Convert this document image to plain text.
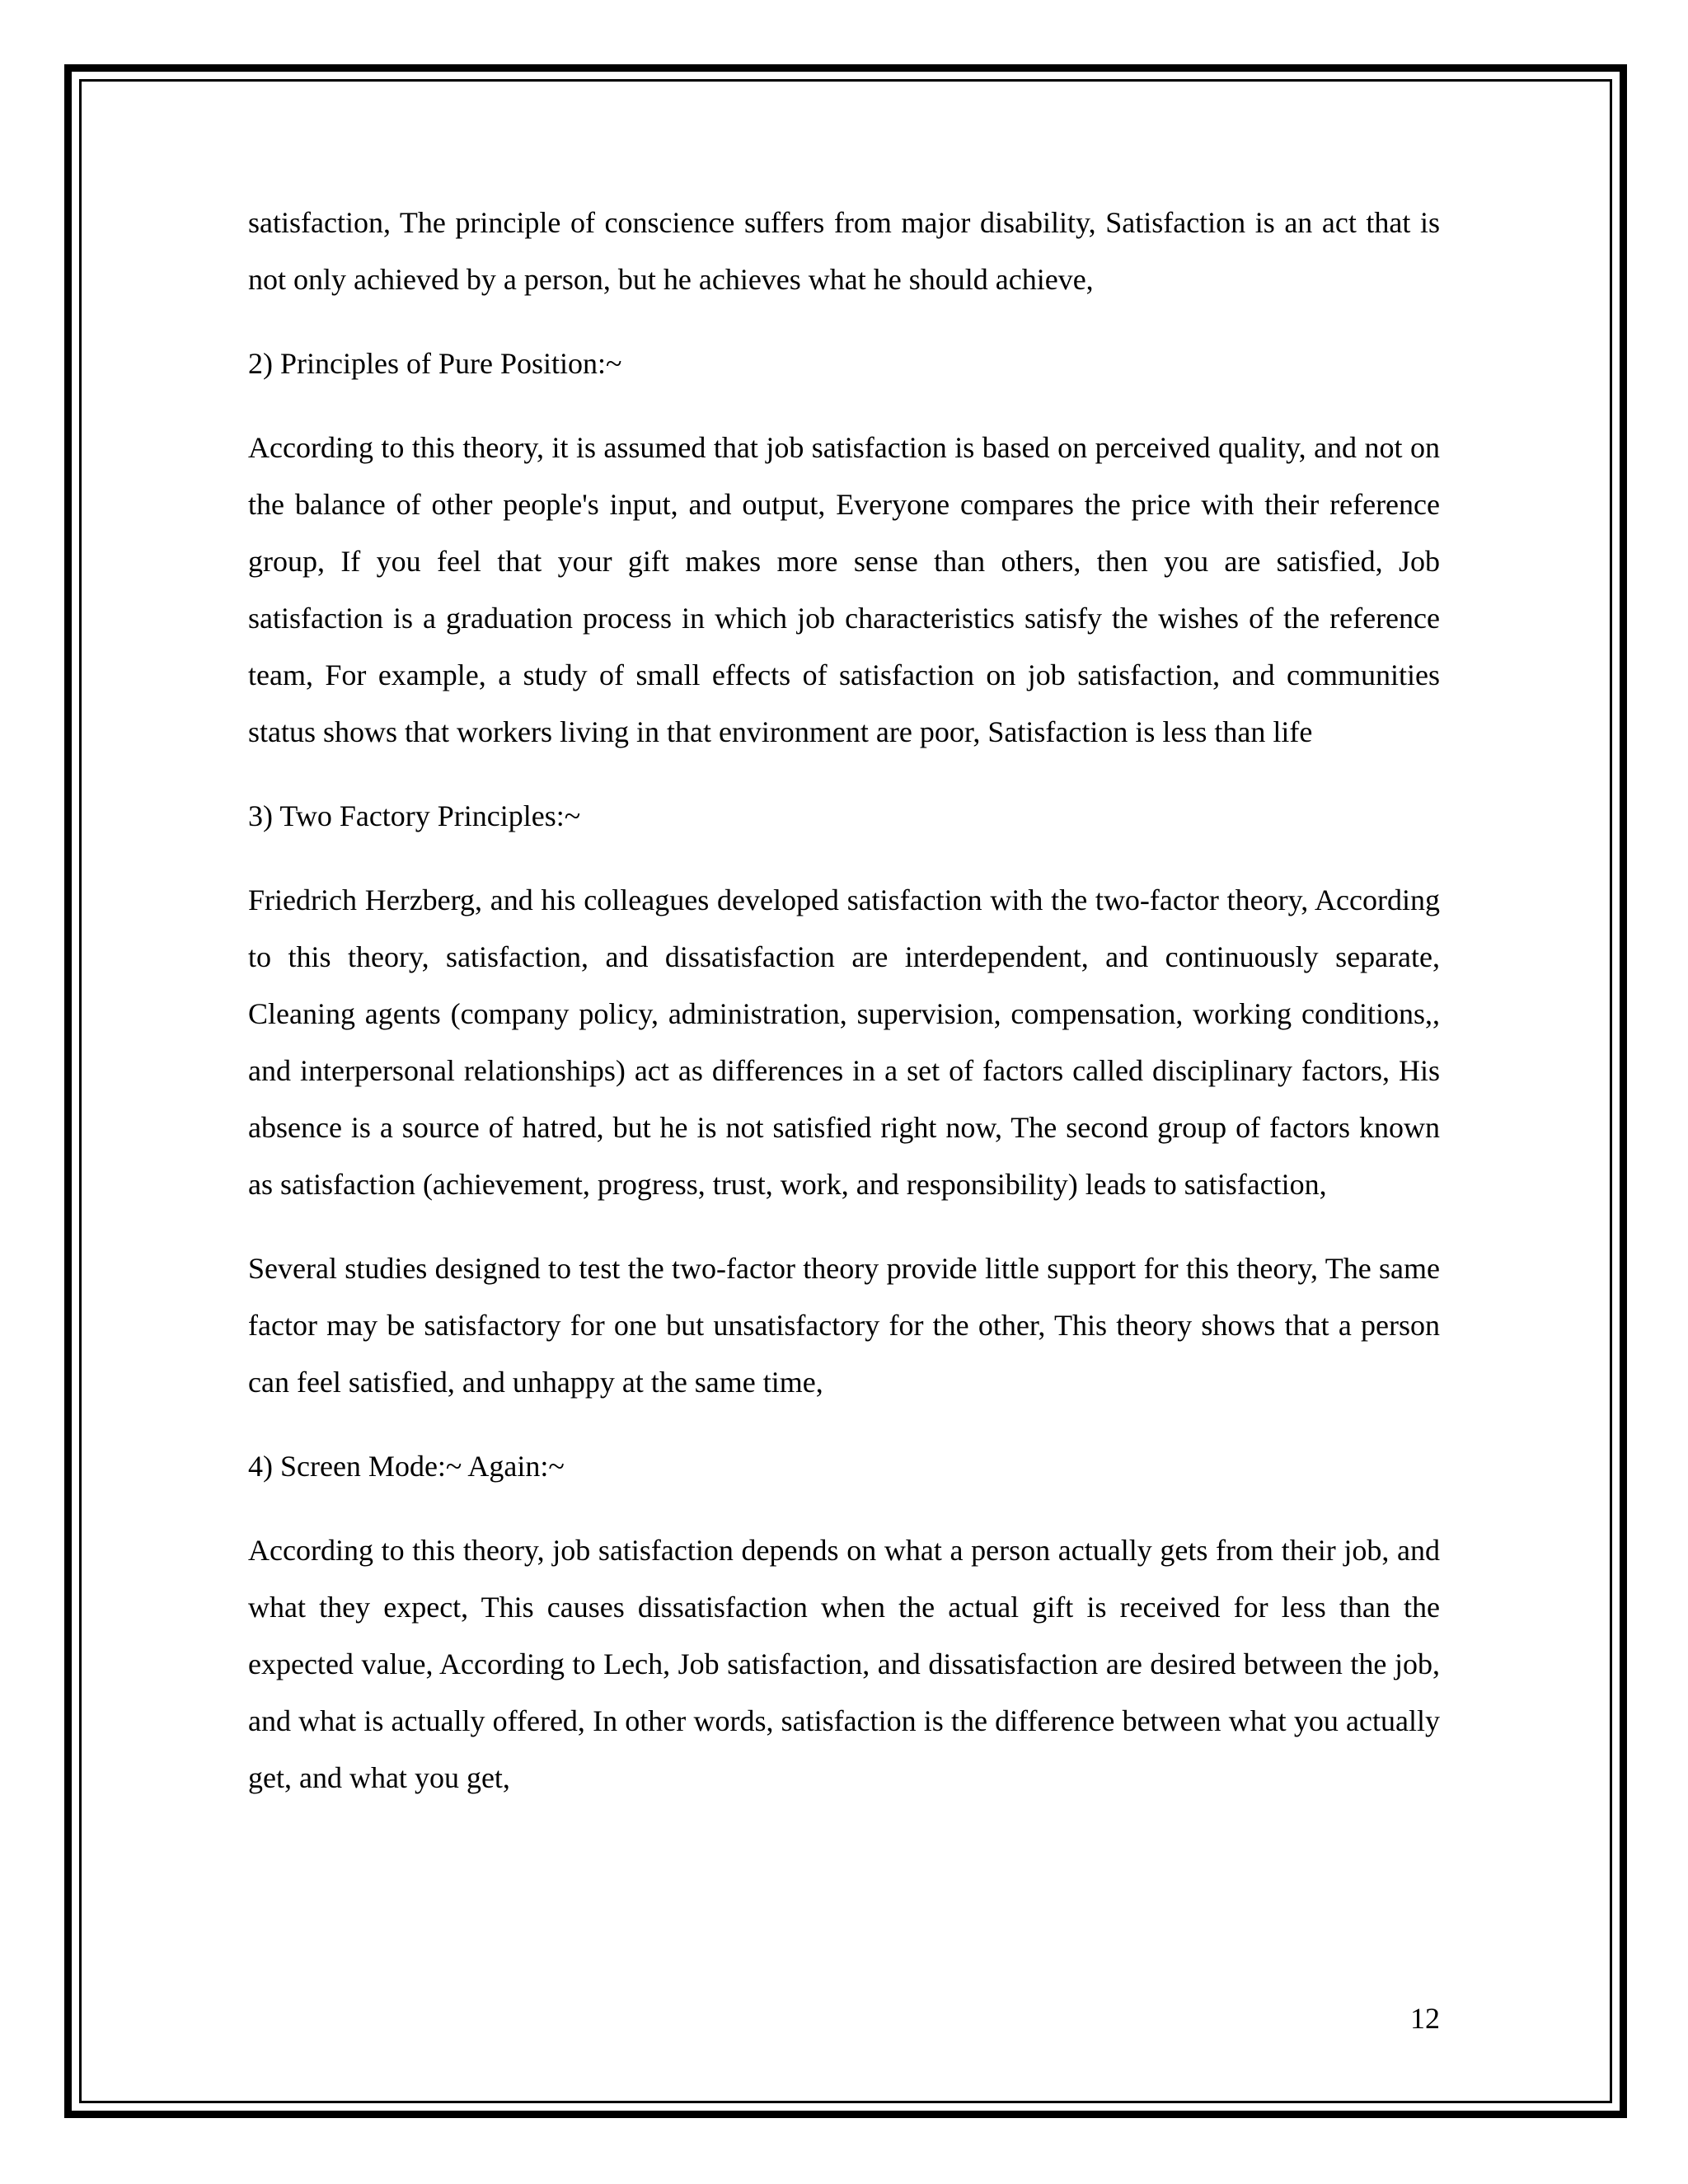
satisfaction, The principle of conscience suffers from major disability, Satisfaction is an act that is not only achieved by a person, but he achieves what he should achieve,

2) Principles of Pure Position:~

According to this theory, it is assumed that job satisfaction is based on perceived quality, and not on the balance of other people's input, and output, Everyone compares the price with their reference group, If you feel that your gift makes more sense than others, then you are satisfied, Job satisfaction is a graduation process in which job characteristics satisfy the wishes of the reference team, For example, a study of small effects of satisfaction on job satisfaction, and communities status shows that workers living in that environment are poor, Satisfaction is less than life

3) Two Factory Principles:~

Friedrich Herzberg, and his colleagues developed satisfaction with the two-factor theory, According to this theory, satisfaction, and dissatisfaction are interdependent, and continuously separate, Cleaning agents (company policy, administration, supervision, compensation, working conditions,, and interpersonal relationships) act as differences in a set of factors called disciplinary factors, His absence is a source of hatred, but he is not satisfied right now, The second group of factors known as satisfaction (achievement, progress, trust, work, and responsibility) leads to satisfaction,

Several studies designed to test the two-factor theory provide little support for this theory, The same factor may be satisfactory for one but unsatisfactory for the other, This theory shows that a person can feel satisfied, and unhappy at the same time,

4) Screen Mode:~ Again:~

According to this theory, job satisfaction depends on what a person actually gets from their job, and what they expect, This causes dissatisfaction when the actual gift is received for less than the expected value, According to Lech, Job satisfaction, and dissatisfaction are desired between the job, and what is actually offered, In other words, satisfaction is the difference between what you actually get, and what you get,

12
